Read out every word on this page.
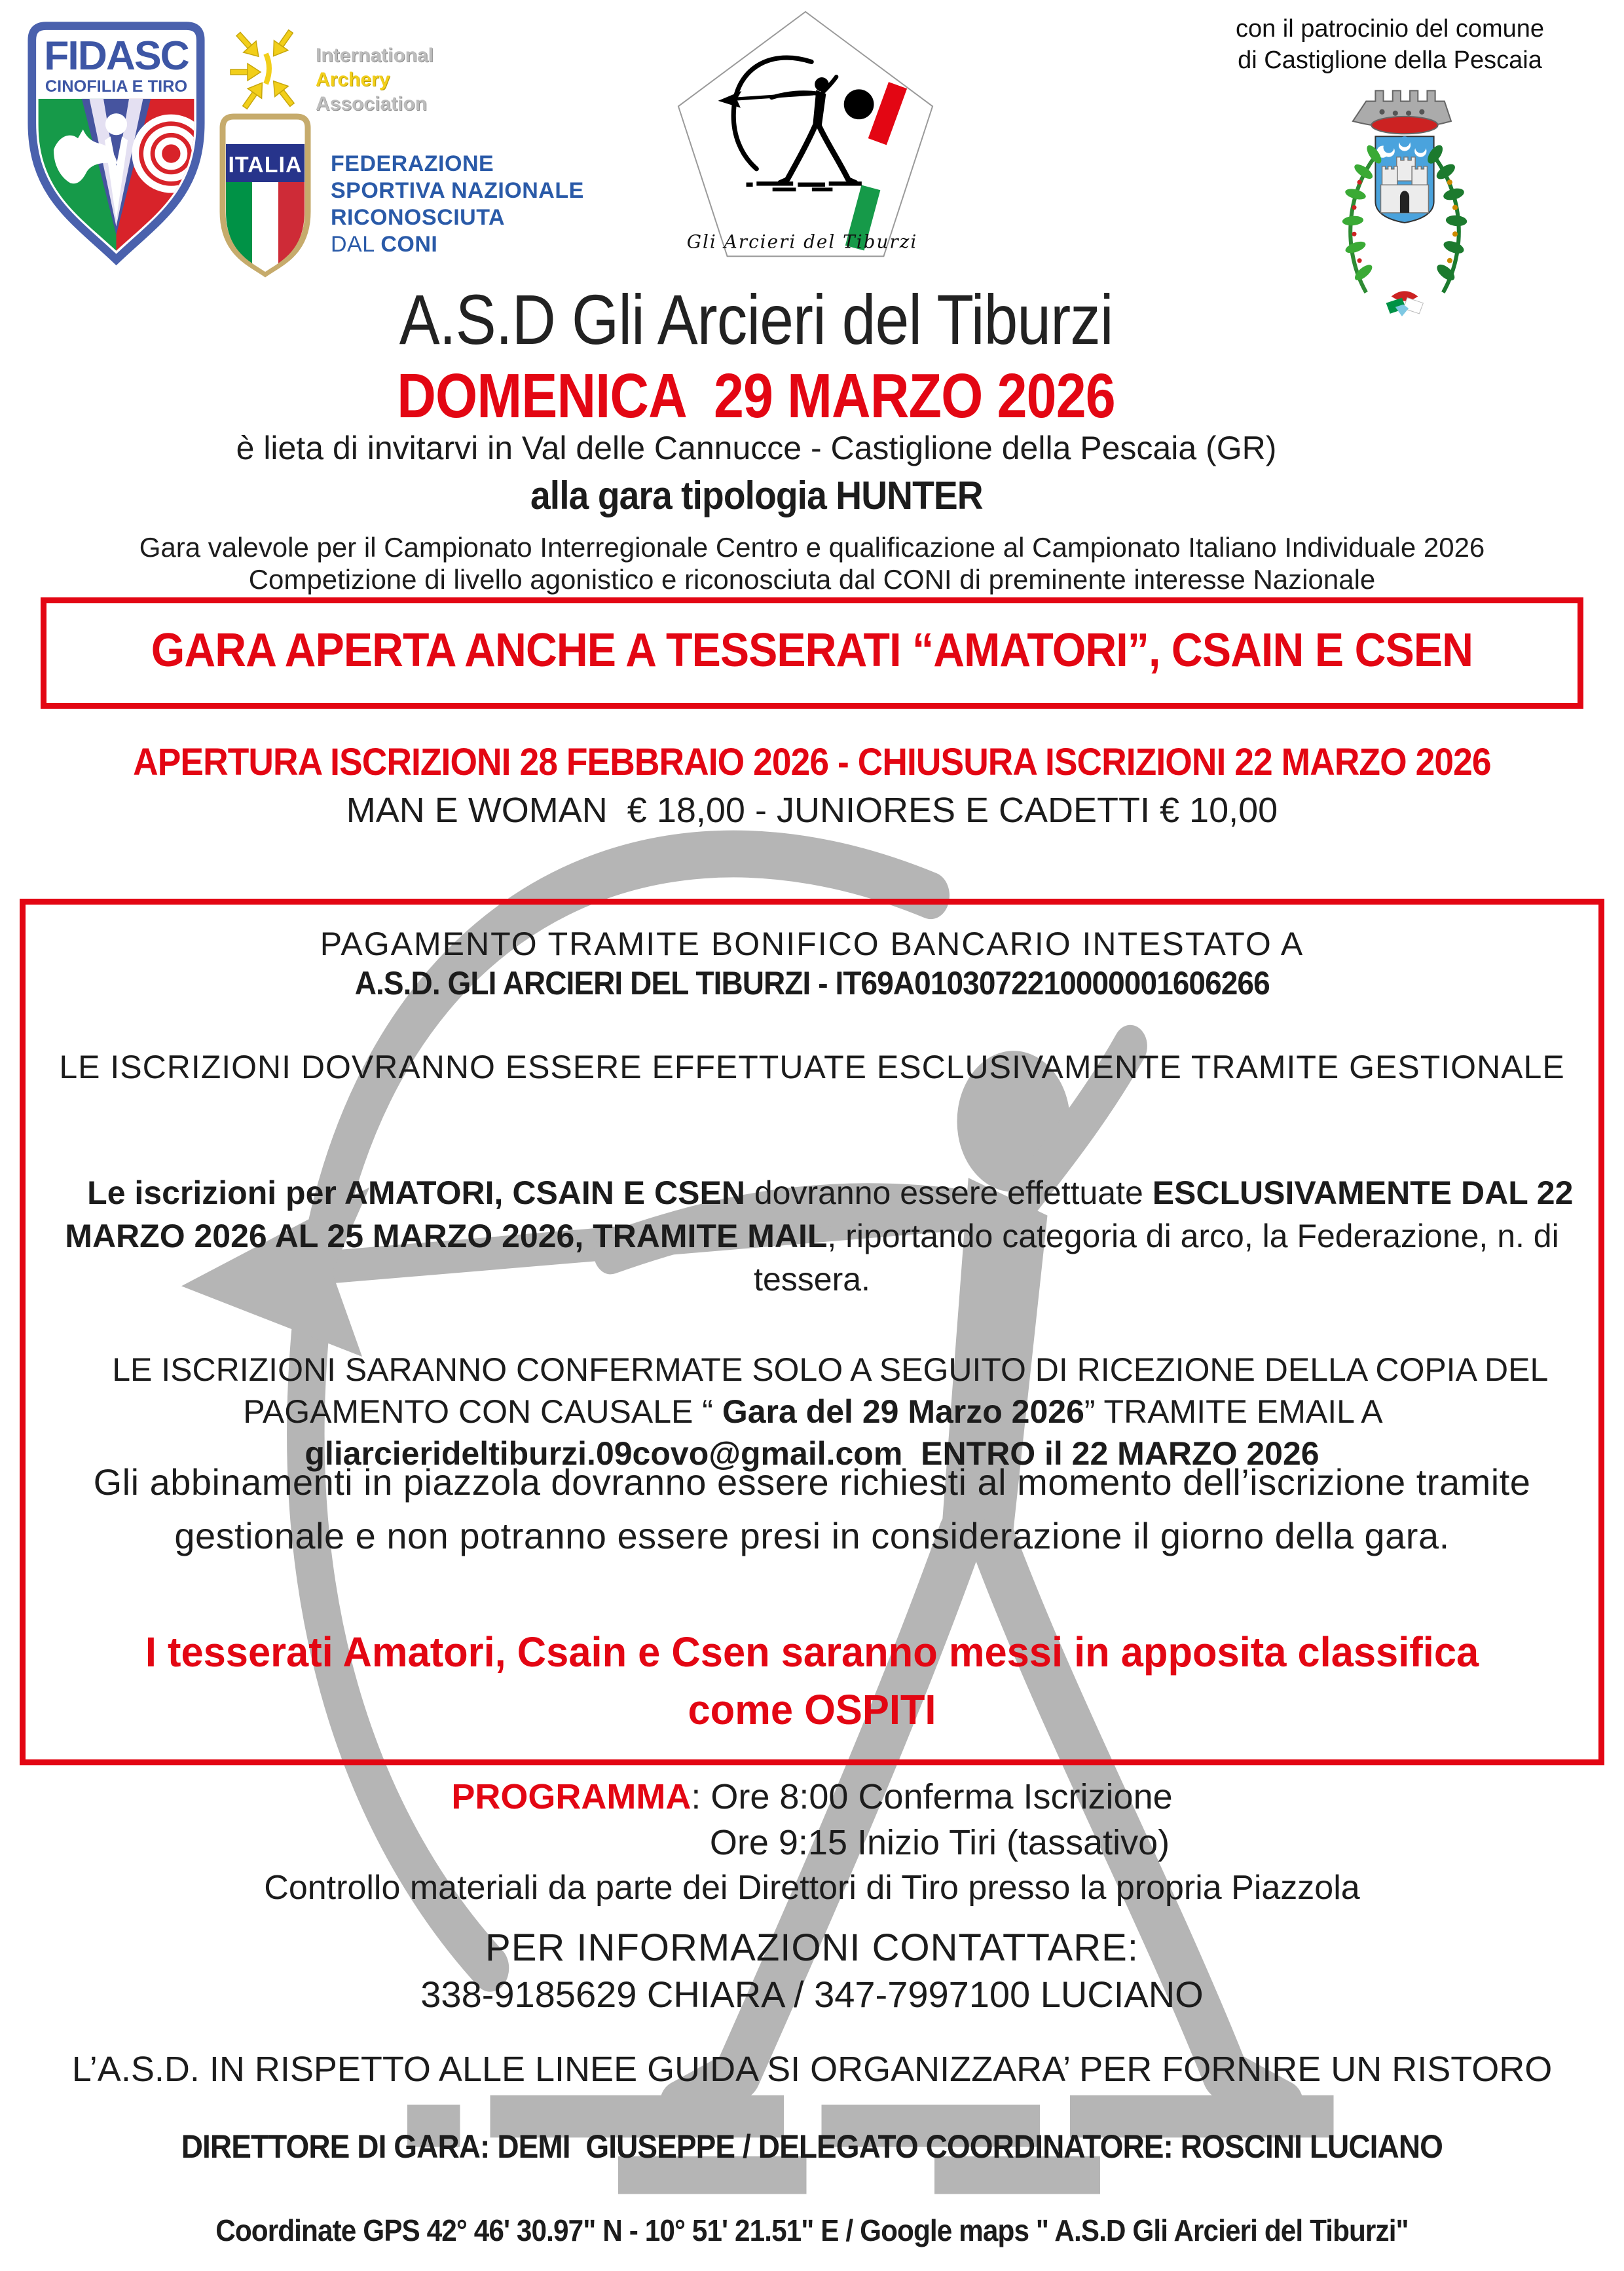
FIDASC
CINOFILIA E TIRO
International
Archery
Association
ITALIA FEDERAZIONE
SPORTIVA NAZIONALE
RICONOSCIUTA
DAL CONI	Gli Arcieri del Tiburzi
con il patrocinio del comune
di Castiglione della Pescaia
A.S.D Gli Arcieri del Tiburzi
DOMENICA  29 MARZO 2026
è lieta di invitarvi in Val delle Cannucce - Castiglione della Pescaia (GR)
alla gara tipologia HUNTER
Gara valevole per il Campionato Interregionale Centro e qualificazione al Campionato Italiano Individuale 2026
Competizione di livello agonistico e riconosciuta dal CONI di preminente interesse Nazionale
GARA APERTA ANCHE A TESSERATI “AMATORI”, CSAIN E CSEN
APERTURA ISCRIZIONI 28 FEBBRAIO 2026 - CHIUSURA ISCRIZIONI 22 MARZO 2026
MAN E WOMAN  € 18,00 - JUNIORES E CADETTI € 10,00
PAGAMENTO TRAMITE BONIFICO BANCARIO INTESTATO A
A.S.D. GLI ARCIERI DEL TIBURZI - IT69A0103072210000001606266
LE ISCRIZIONI DOVRANNO ESSERE EFFETTUATE ESCLUSIVAMENTE TRAMITE GESTIONALE

Le iscrizioni per AMATORI, CSAIN E CSEN dovranno essere effettuate ESCLUSIVAMENTE DAL 22 MARZO 2026 AL 25 MARZO 2026, TRAMITE MAIL, riportando categoria di arco, la Federazione, n. di tessera.

LE ISCRIZIONI SARANNO CONFERMATE SOLO A SEGUITO DI RICEZIONE DELLA COPIA DEL PAGAMENTO CON CAUSALE “ Gara del 29 Marzo 2026” TRAMITE EMAIL A gliarcierideltiburzi.09covo@gmail.com  ENTRO il 22 MARZO 2026

Gli abbinamenti in piazzola dovranno essere richiesti al momento dell’iscrizione tramite gestionale e non potranno essere presi in considerazione il giorno della gara.
I tesserati Amatori, Csain e Csen saranno messi in apposita classifica come OSPITI
PROGRAMMA: Ore 8:00 Conferma Iscrizione
Ore 9:15 Inizio Tiri (tassativo)
Controllo materiali da parte dei Direttori di Tiro presso la propria Piazzola
PER INFORMAZIONI CONTATTARE:
338-9185629 CHIARA / 347-7997100 LUCIANO
L’A.S.D. IN RISPETTO ALLE LINEE GUIDA SI ORGANIZZARA’ PER FORNIRE UN RISTORO
DIRETTORE DI GARA: DEMI  GIUSEPPE / DELEGATO COORDINATORE: ROSCINI LUCIANO
Coordinate GPS 42° 46' 30.97" N - 10° 51' 21.51" E / Google maps " A.S.D Gli Arcieri del Tiburzi"
